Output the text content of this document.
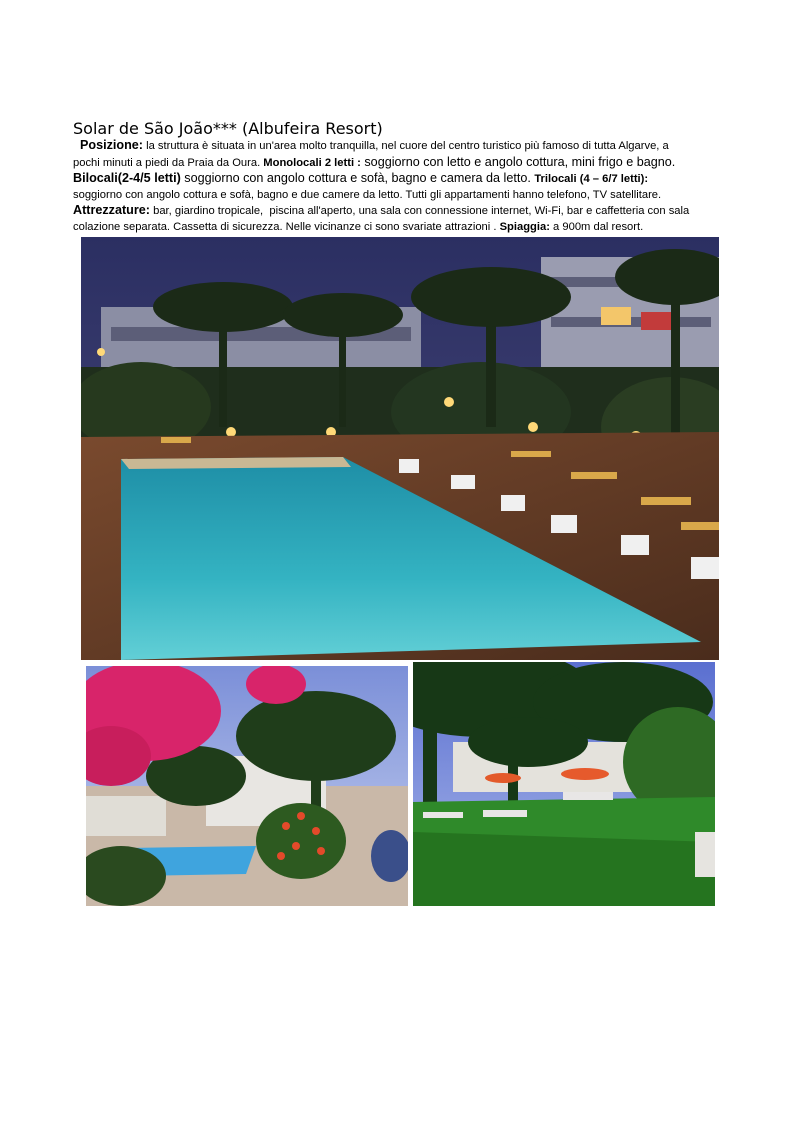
Solar de São João*** (Albufeira Resort)
Posizione: la struttura è situata in un'area molto tranquilla, nel cuore del centro turistico più famoso di tutta Algarve, a
pochi minuti a piedi da Praia da Oura. Monolocali 2 letti : soggiorno con letto e angolo cottura, mini frigo e bagno.
Bilocali(2-4/5 letti) soggiorno con angolo cottura e sofà, bagno e camera da letto. Trilocali (4 – 6/7 letti):
soggiorno con angolo cottura e sofà, bagno e due camere da letto. Tutti gli appartamenti hanno telefono, TV satellitare.
Attrezzature: bar, giardino tropicale,  piscina all'aperto, una sala con connessione internet, Wi-Fi, bar e caffetteria con sala
colazione separata. Cassetta di sicurezza. Nelle vicinanze ci sono svariate attrazioni . Spiaggia: a 900m dal resort.
